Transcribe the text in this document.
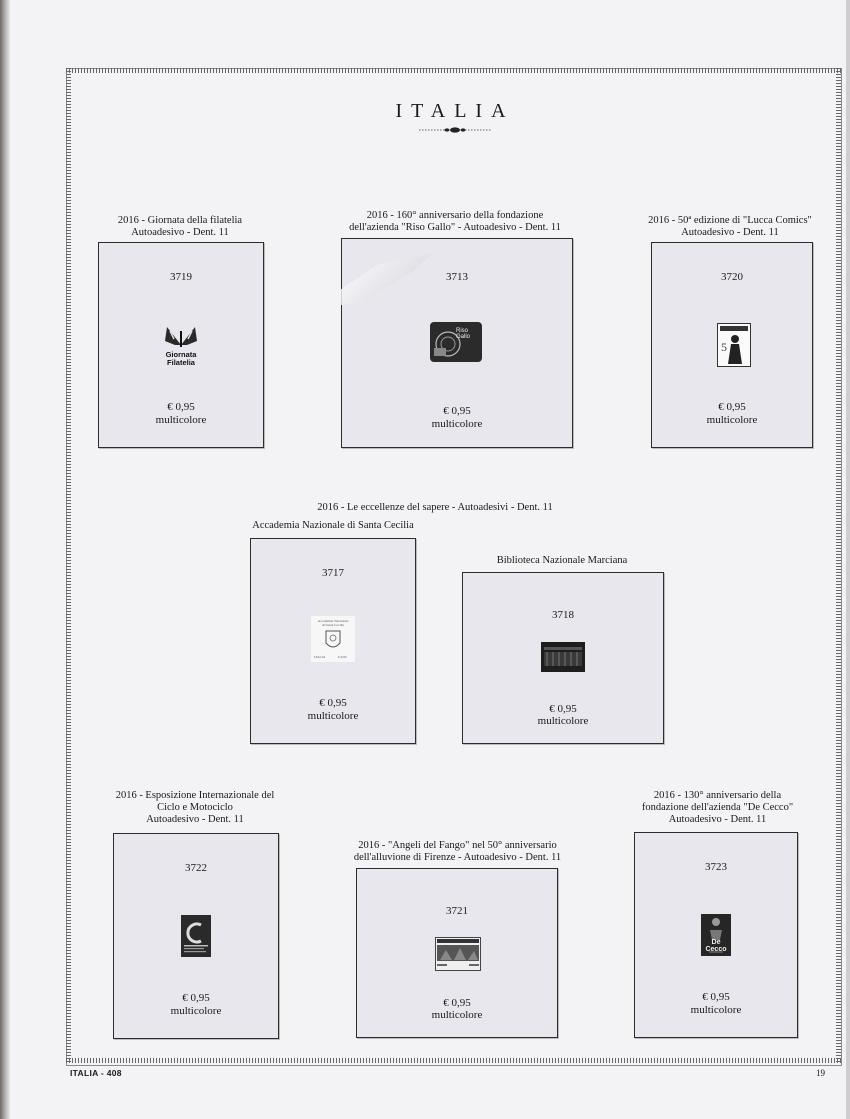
ITALIA
2016 - Giornata della filatelia
Autoadesivo - Dent. 11
3719
Giornata
Filatelia
€ 0,95
multicolore
2016 - 160° anniversario della fondazione
dell'azienda "Riso Gallo" - Autoadesivo - Dent. 11
3713
Riso Gallo
€ 0,95
multicolore
2016 - 50ª edizione di "Lucca Comics"
Autoadesivo - Dent. 11
3720
5
€ 0,95
multicolore
2016 - Le eccellenze del sapere - Autoadesivi - Dent. 11
Accademia Nazionale di Santa Cecilia
3717
Accademia Nazionale
di Santa Cecilia
ITALIA	€ 0,95
€ 0,95
multicolore
Biblioteca Nazionale Marciana
3718
€ 0,95
multicolore
2016 - Esposizione Internazionale del
Ciclo e Motociclo
Autoadesivo - Dent. 11
3722
€ 0,95
multicolore
2016 - "Angeli del Fango" nel 50° anniversario
dell'alluvione di Firenze - Autoadesivo - Dent. 11
3721
€ 0,95
multicolore
2016 - 130° anniversario della
fondazione dell'azienda "De Cecco"
Autoadesivo - Dent. 11
3723
De Cecco
€ 0,95
multicolore
ITALIA - 408	19
